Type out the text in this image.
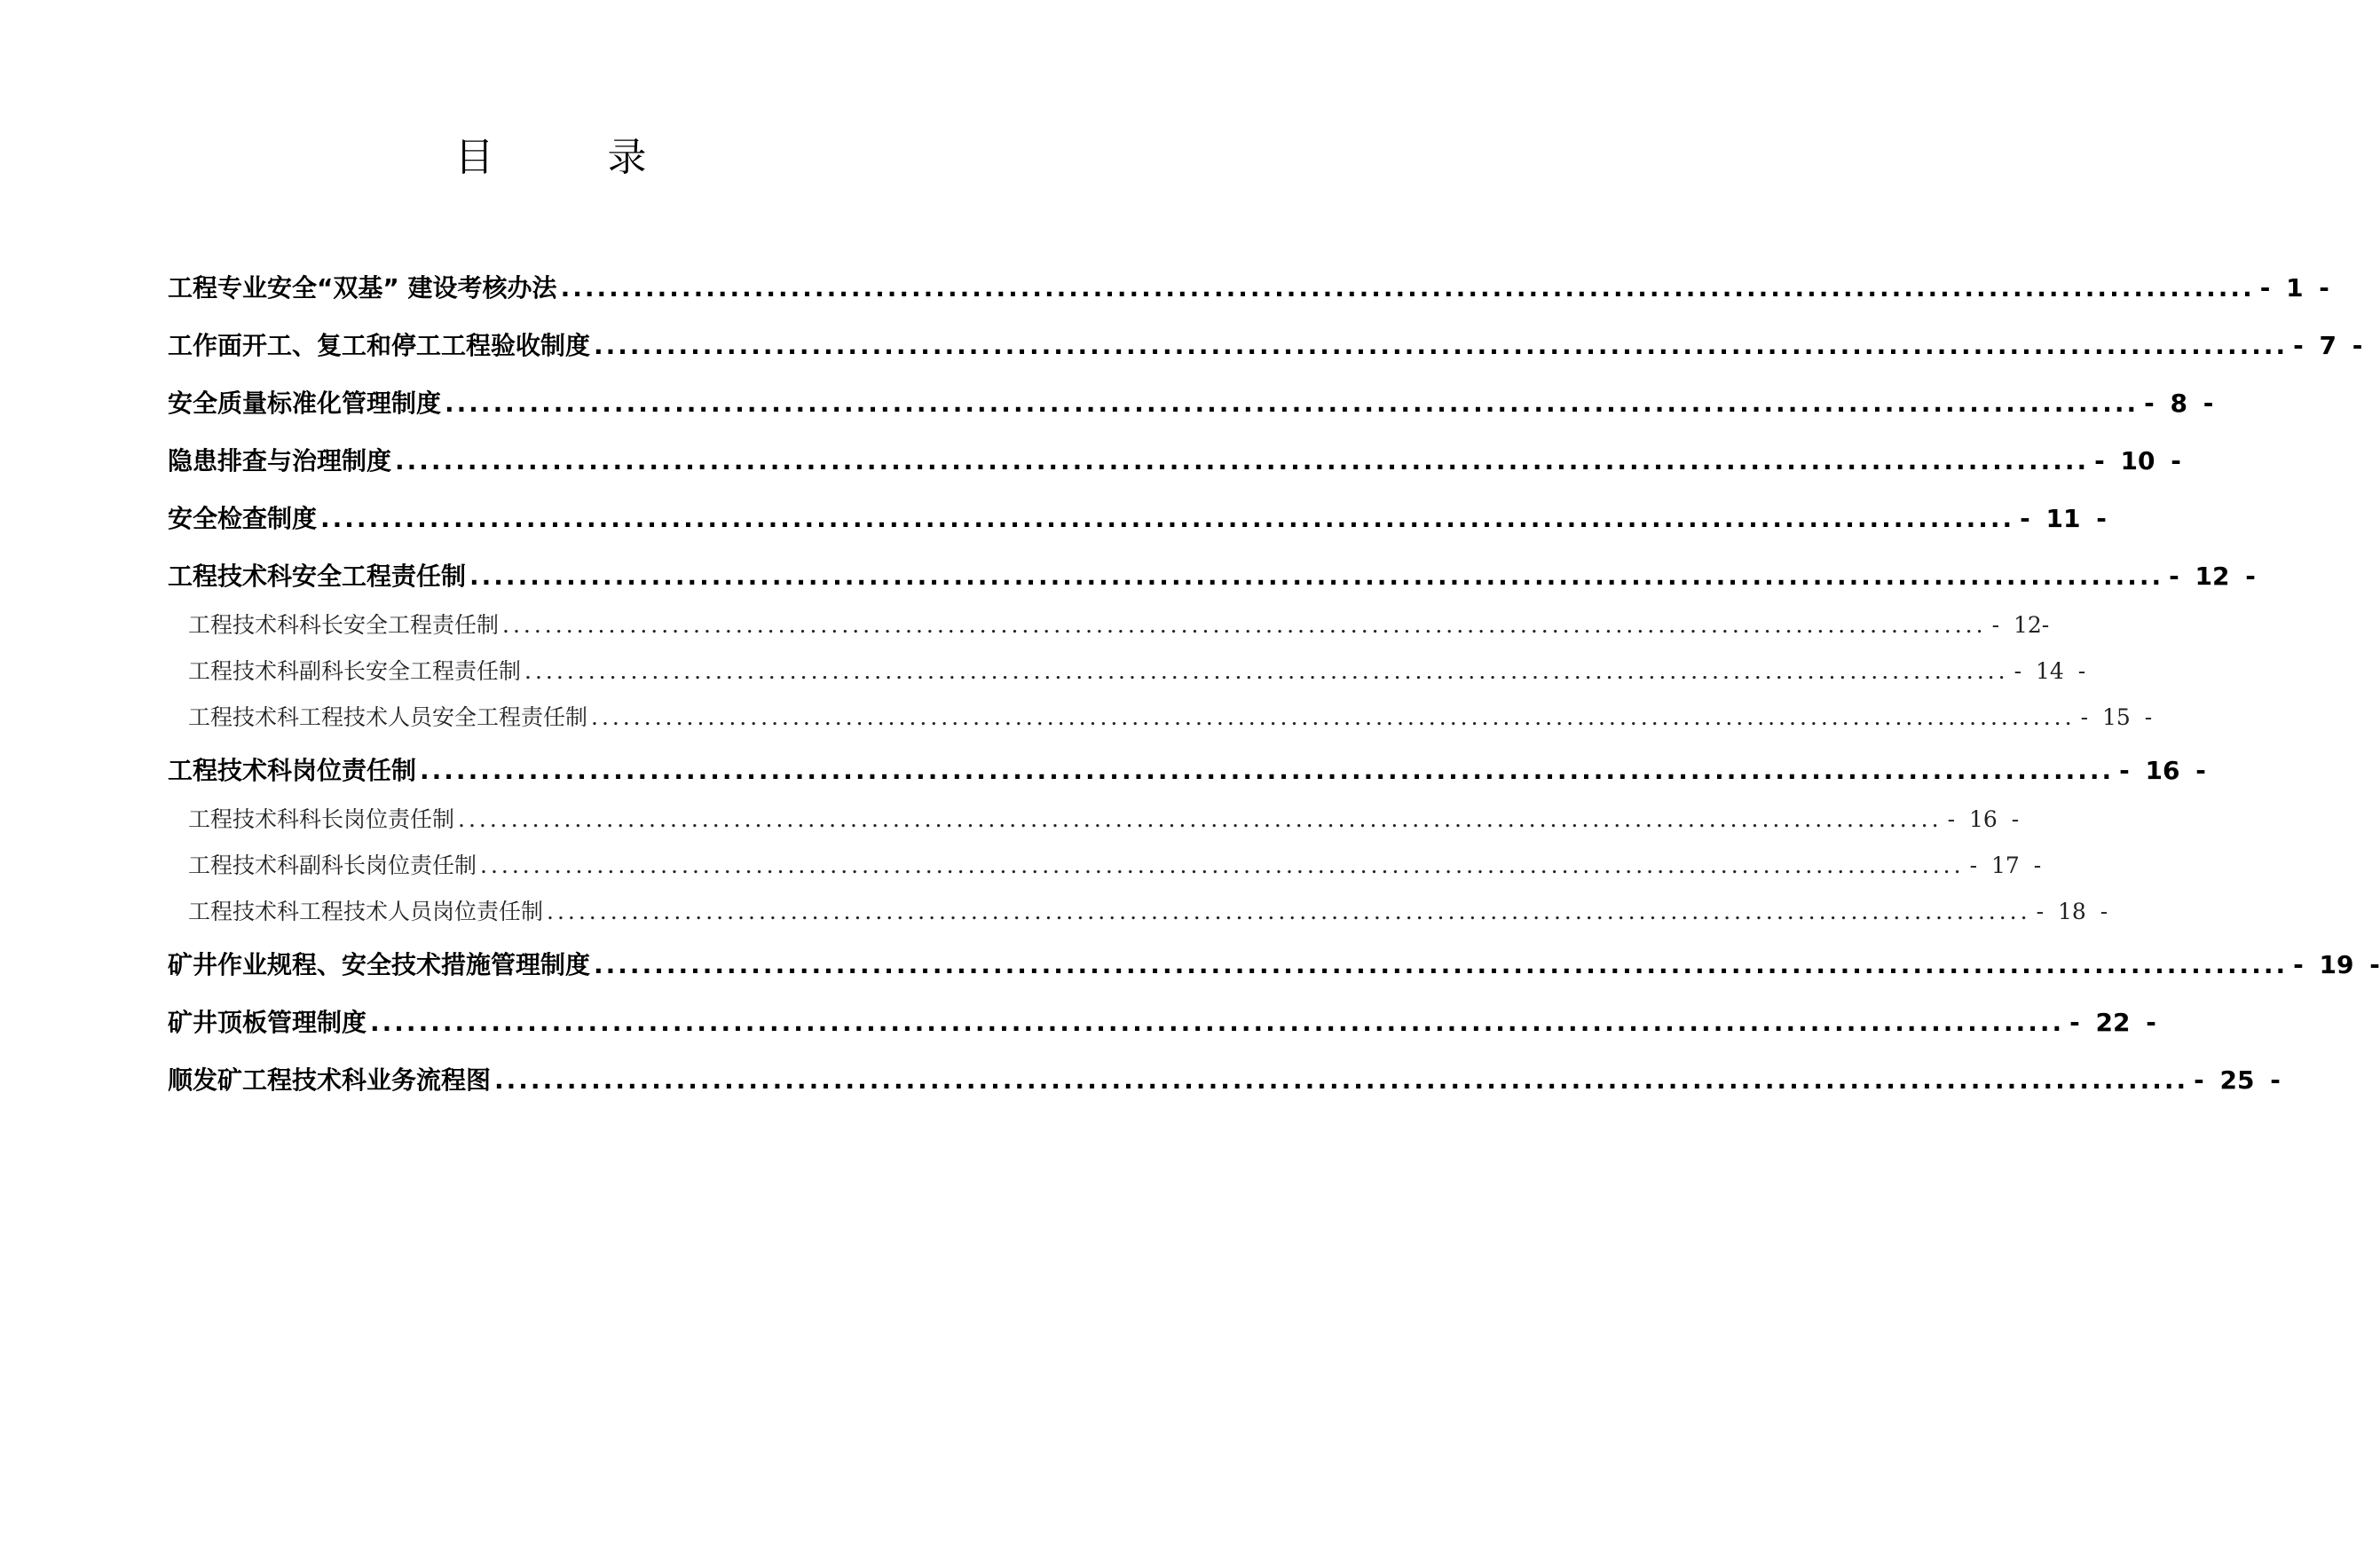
目　录
工程专业安全“双基” 建设考核办法 ............................................................................................................................................ - 1 -
工作面开工、复工和停工工程验收制度 ............................................................................................................................................ - 7 -
安全质量标准化管理制度 ............................................................................................................................................ - 8 -
隐患排查与治理制度 ............................................................................................................................................ - 10 -
安全检查制度 ............................................................................................................................................ - 11 -
工程技术科安全工程责任制 ............................................................................................................................................ - 12 -
工程技术科科长安全工程责任制 ............................................................................................................................................ - 12-
工程技术科副科长安全工程责任制 ............................................................................................................................................ - 14 -
工程技术科工程技术人员安全工程责任制 ............................................................................................................................................ - 15 -
工程技术科岗位责任制 ............................................................................................................................................ - 16 -
工程技术科科长岗位责任制 ............................................................................................................................................ - 16 -
工程技术科副科长岗位责任制 ............................................................................................................................................ - 17 -
工程技术科工程技术人员岗位责任制 ............................................................................................................................................ - 18 -
矿井作业规程、安全技术措施管理制度 ............................................................................................................................................ - 19 -
矿井顶板管理制度 ............................................................................................................................................ - 22 -
顺发矿工程技术科业务流程图 ............................................................................................................................................ - 25 -
